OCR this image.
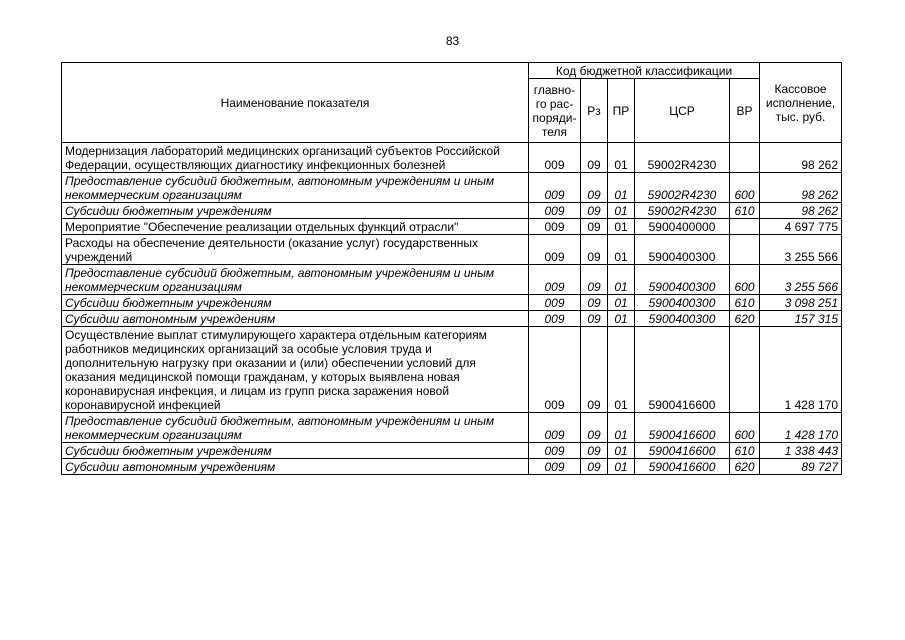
83
Наименование показателя	Код бюджетной классификации					Кассовое исполнение, тыс. руб.
	главно-го рас-поряди-теля	Рз	ПР	ЦСР	ВР	
Модернизация лабораторий медицинских организаций субъектов Российской Федерации, осуществляющих диагностику инфекционных болезней	009	09	01	59002R4230		98 262
Предоставление субсидий бюджетным, автономным учреждениям и иным некоммерческим организациям	009	09	01	59002R4230	600	98 262
Субсидии бюджетным учреждениям	009	09	01	59002R4230	610	98 262
Мероприятие "Обеспечение реализации отдельных функций отрасли"	009	09	01	5900400000		4 697 775
Расходы на обеспечение деятельности (оказание услуг) государственных учреждений	009	09	01	5900400300		3 255 566
Предоставление субсидий бюджетным, автономным учреждениям и иным некоммерческим организациям	009	09	01	5900400300	600	3 255 566
Субсидии бюджетным учреждениям	009	09	01	5900400300	610	3 098 251
Субсидии автономным учреждениям	009	09	01	5900400300	620	157 315
Осуществление выплат стимулирующего характера отдельным категориям работников медицинских организаций за особые условия труда и дополнительную нагрузку при оказании и (или) обеспечении условий для оказания медицинской помощи гражданам, у которых выявлена новая коронавирусная инфекция, и лицам из групп риска заражения новой коронавирусной инфекцией	009	09	01	5900416600		1 428 170
Предоставление субсидий бюджетным, автономным учреждениям и иным некоммерческим организациям	009	09	01	5900416600	600	1 428 170
Субсидии бюджетным учреждениям	009	09	01	5900416600	610	1 338 443
Субсидии автономным учреждениям	009	09	01	5900416600	620	89 727
